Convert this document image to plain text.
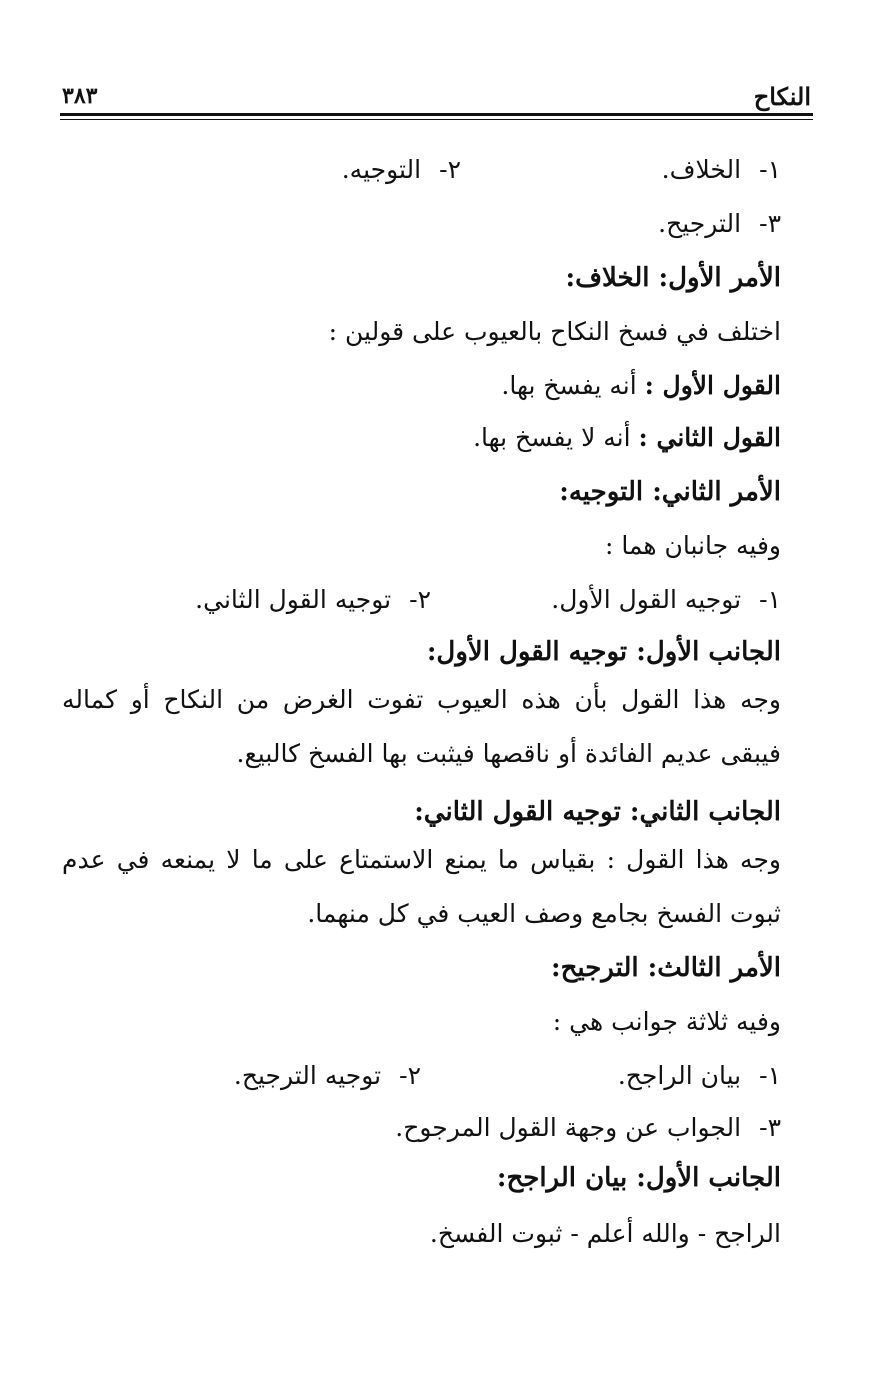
النكاح
٣٨٣
١-الخلاف.
٢-التوجيه.
٣-الترجيح.
الأمر الأول: الخلاف:
اختلف في فسخ النكاح بالعيوب على قولين :
القول الأول : أنه يفسخ بها.
القول الثاني : أنه لا يفسخ بها.
الأمر الثاني: التوجيه:
وفيه جانبان هما :
١-توجيه القول الأول.
٢-توجيه القول الثاني.
الجانب الأول: توجيه القول الأول:
وجه هذا القول بأن هذه العيوب تفوت الغرض من النكاح أو كماله فيبقى عديم الفائدة أو ناقصها فيثبت بها الفسخ كالبيع.
الجانب الثاني: توجيه القول الثاني:
وجه هذا القول : بقياس ما يمنع الاستمتاع على ما لا يمنعه في عدم ثبوت الفسخ بجامع وصف العيب في كل منهما.
الأمر الثالث: الترجيح:
وفيه ثلاثة جوانب هي :
١-بيان الراجح.
٢-توجيه الترجيح.
٣-الجواب عن وجهة القول المرجوح.
الجانب الأول: بيان الراجح:
الراجح - والله أعلم - ثبوت الفسخ.
